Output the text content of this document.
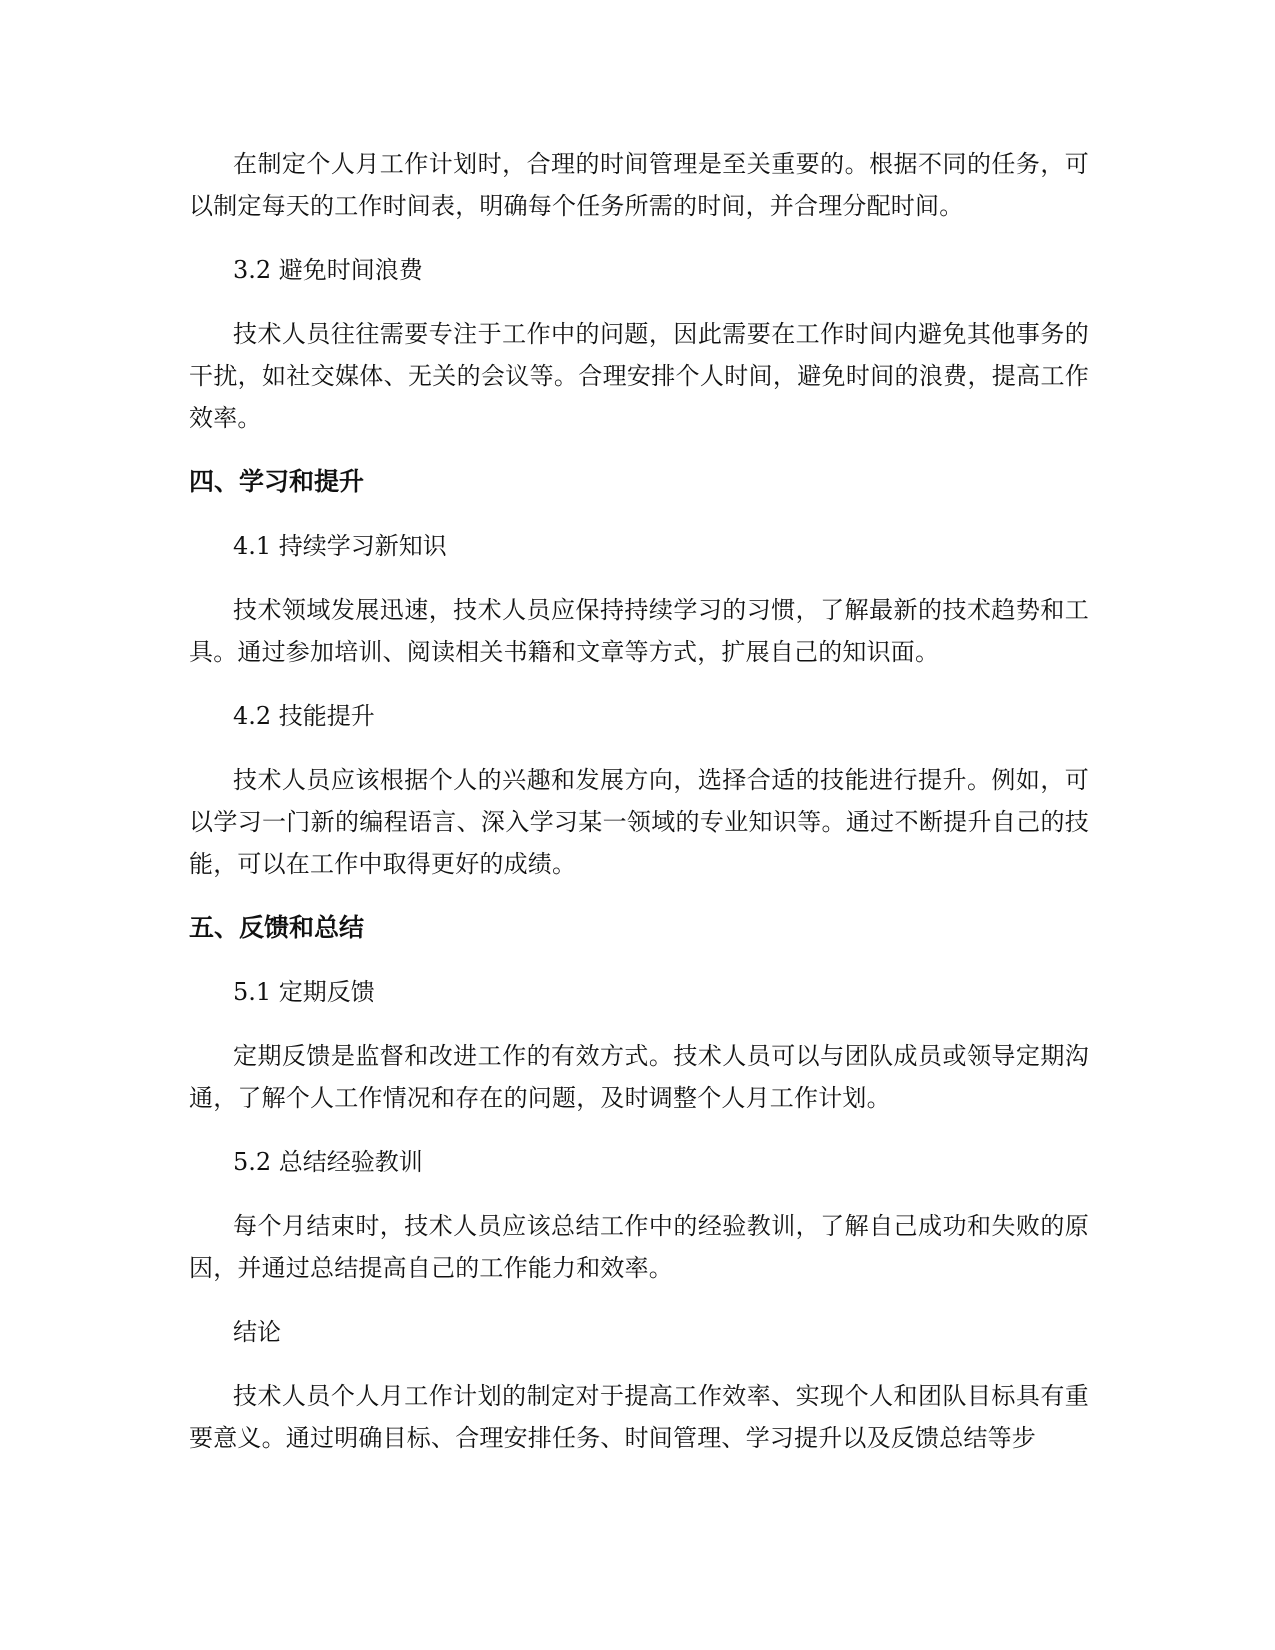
在制定个人月工作计划时，合理的时间管理是至关重要的。根据不同的任务，可以制定每天的工作时间表，明确每个任务所需的时间，并合理分配时间。

3.2 避免时间浪费

技术人员往往需要专注于工作中的问题，因此需要在工作时间内避免其他事务的干扰，如社交媒体、无关的会议等。合理安排个人时间，避免时间的浪费，提高工作效率。

四、学习和提升

4.1 持续学习新知识

技术领域发展迅速，技术人员应保持持续学习的习惯，了解最新的技术趋势和工具。通过参加培训、阅读相关书籍和文章等方式，扩展自己的知识面。

4.2 技能提升

技术人员应该根据个人的兴趣和发展方向，选择合适的技能进行提升。例如，可以学习一门新的编程语言、深入学习某一领域的专业知识等。通过不断提升自己的技能，可以在工作中取得更好的成绩。

五、反馈和总结

5.1 定期反馈

定期反馈是监督和改进工作的有效方式。技术人员可以与团队成员或领导定期沟通，了解个人工作情况和存在的问题，及时调整个人月工作计划。

5.2 总结经验教训

每个月结束时，技术人员应该总结工作中的经验教训，了解自己成功和失败的原因，并通过总结提高自己的工作能力和效率。

结论

技术人员个人月工作计划的制定对于提高工作效率、实现个人和团队目标具有重要意义。通过明确目标、合理安排任务、时间管理、学习提升以及反馈总结等步
